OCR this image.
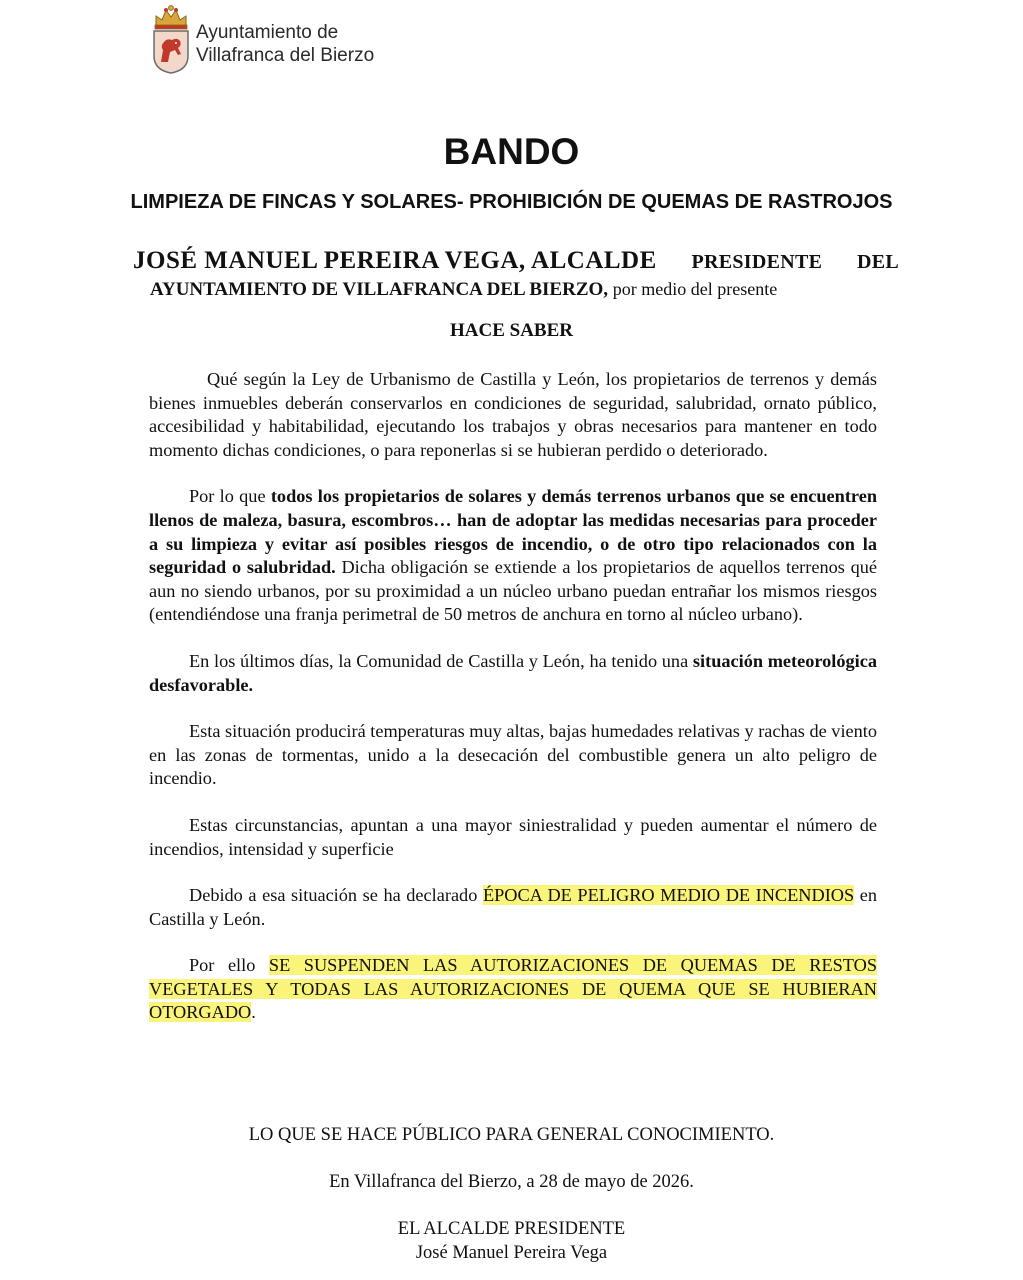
Ayuntamiento de
Villafranca del Bierzo
BANDO
LIMPIEZA DE FINCAS Y SOLARES- PROHIBICIÓN DE QUEMAS DE RASTROJOS
JOSÉ MANUEL PEREIRA VEGA, ALCALDE PRESIDENTE DEL
AYUNTAMIENTO DE VILLAFRANCA DEL BIERZO, por medio del presente
HACE SABER

Qué según la Ley de Urbanismo de Castilla y León, los propietarios de terrenos y demás bienes inmuebles deberán conservarlos en condiciones de seguridad, salubridad, ornato público, accesibilidad y habitabilidad, ejecutando los trabajos y obras necesarios para mantener en todo momento dichas condiciones, o para reponerlas si se hubieran perdido o deteriorado.

Por lo que todos los propietarios de solares y demás terrenos urbanos que se encuentren llenos de maleza, basura, escombros… han de adoptar las medidas necesarias para proceder a su limpieza y evitar así posibles riesgos de incendio, o de otro tipo relacionados con la seguridad o salubridad. Dicha obligación se extiende a los propietarios de aquellos terrenos qué aun no siendo urbanos, por su proximidad a un núcleo urbano puedan entrañar los mismos riesgos (entendiéndose una franja perimetral de 50 metros de anchura en torno al núcleo urbano).

En los últimos días, la Comunidad de Castilla y León, ha tenido una situación meteorológica desfavorable.

Esta situación producirá temperaturas muy altas, bajas humedades relativas y rachas de viento en las zonas de tormentas, unido a la desecación del combustible genera un alto peligro de incendio.

Estas circunstancias, apuntan a una mayor siniestralidad y pueden aumentar el número de incendios, intensidad y superficie

Debido a esa situación se ha declarado ÉPOCA DE PELIGRO MEDIO DE INCENDIOS en Castilla y León.

Por ello SE SUSPENDEN LAS AUTORIZACIONES DE QUEMAS DE RESTOS VEGETALES Y TODAS LAS AUTORIZACIONES DE QUEMA QUE SE HUBIERAN OTORGADO.

LO QUE SE HACE PÚBLICO PARA GENERAL CONOCIMIENTO.

En Villafranca del Bierzo, a 28 de mayo de 2026.

EL ALCALDE PRESIDENTE

José Manuel Pereira Vega
